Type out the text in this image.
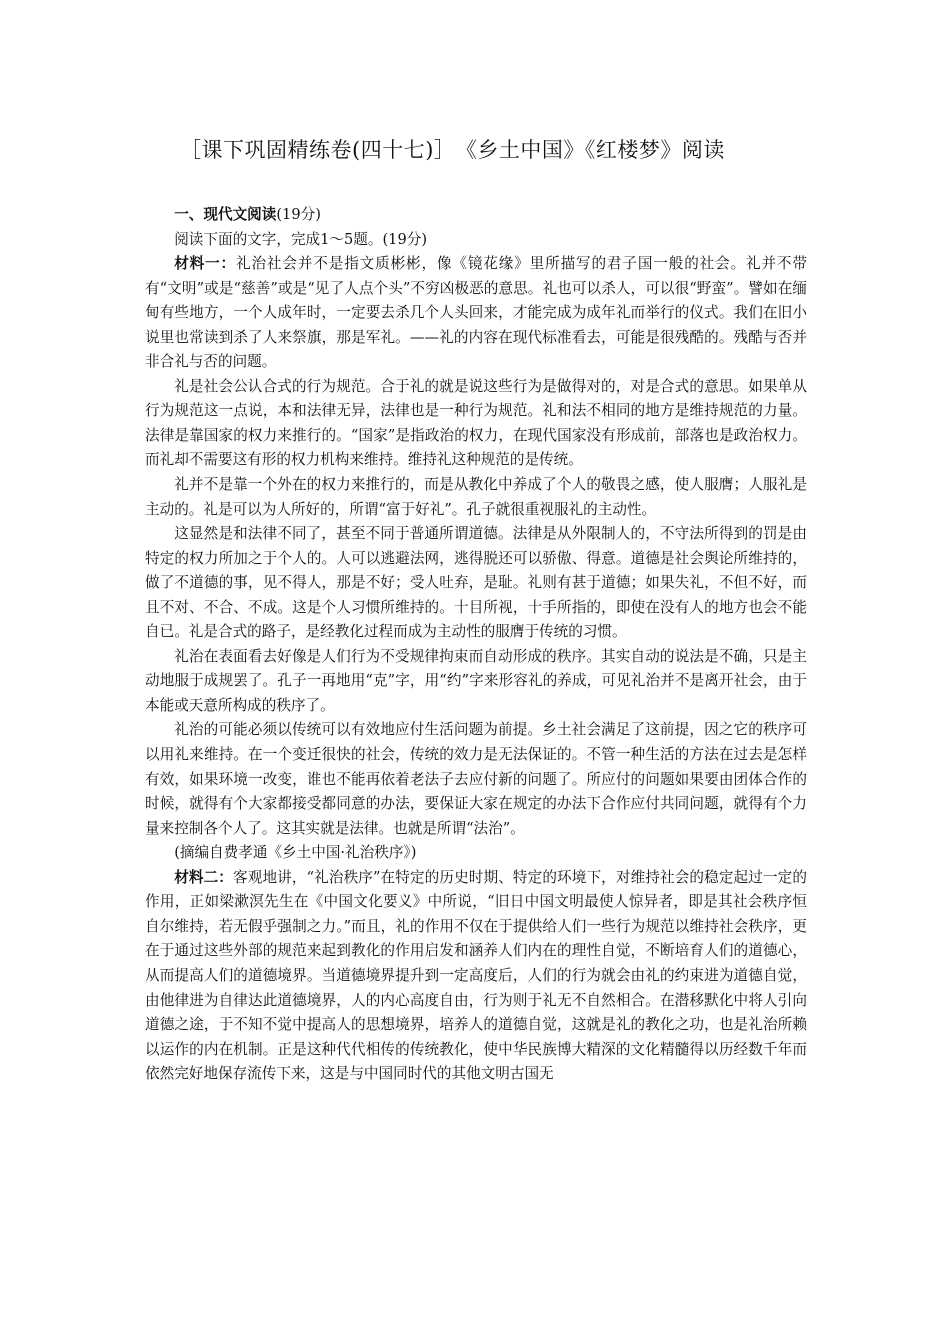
［课下巩固精练卷(四十七)］　《乡土中国》《红楼梦》阅读

一、现代文阅读(19分)

阅读下面的文字，完成1～5题。(19分)

材料一：礼治社会并不是指文质彬彬，像《镜花缘》里所描写的君子国一般的社会。礼并不带有“文明”或是“慈善”或是“见了人点个头”不穷凶极恶的意思。礼也可以杀人，可以很“野蛮”。譬如在缅甸有些地方，一个人成年时，一定要去杀几个人头回来，才能完成为成年礼而举行的仪式。我们在旧小说里也常读到杀了人来祭旗，那是军礼。——礼的内容在现代标准看去，可能是很残酷的。残酷与否并非合礼与否的问题。

礼是社会公认合式的行为规范。合于礼的就是说这些行为是做得对的，对是合式的意思。如果单从行为规范这一点说，本和法律无异，法律也是一种行为规范。礼和法不相同的地方是维持规范的力量。法律是靠国家的权力来推行的。“国家”是指政治的权力，在现代国家没有形成前，部落也是政治权力。而礼却不需要这有形的权力机构来维持。维持礼这种规范的是传统。

礼并不是靠一个外在的权力来推行的，而是从教化中养成了个人的敬畏之感，使人服膺；人服礼是主动的。礼是可以为人所好的，所谓“富于好礼”。孔子就很重视服礼的主动性。

这显然是和法律不同了，甚至不同于普通所谓道德。法律是从外限制人的，不守法所得到的罚是由特定的权力所加之于个人的。人可以逃避法网，逃得脱还可以骄傲、得意。道德是社会舆论所维持的，做了不道德的事，见不得人，那是不好；受人吐弃，是耻。礼则有甚于道德；如果失礼，不但不好，而且不对、不合、不成。这是个人习惯所维持的。十目所视，十手所指的，即使在没有人的地方也会不能自已。礼是合式的路子，是经教化过程而成为主动性的服膺于传统的习惯。

礼治在表面看去好像是人们行为不受规律拘束而自动形成的秩序。其实自动的说法是不确，只是主动地服于成规罢了。孔子一再地用“克”字，用“约”字来形容礼的养成，可见礼治并不是离开社会，由于本能或天意所构成的秩序了。

礼治的可能必须以传统可以有效地应付生活问题为前提。乡土社会满足了这前提，因之它的秩序可以用礼来维持。在一个变迁很快的社会，传统的效力是无法保证的。不管一种生活的方法在过去是怎样有效，如果环境一改变，谁也不能再依着老法子去应付新的问题了。所应付的问题如果要由团体合作的时候，就得有个大家都接受都同意的办法，要保证大家在规定的办法下合作应付共同问题，就得有个力量来控制各个人了。这其实就是法律。也就是所谓“法治”。

(摘编自费孝通《乡土中国·礼治秩序》)

材料二：客观地讲，“礼治秩序”在特定的历史时期、特定的环境下，对维持社会的稳定起过一定的作用，正如梁漱溟先生在《中国文化要义》中所说，“旧日中国文明最使人惊异者，即是其社会秩序恒自尔维持，若无假乎强制之力。”而且，礼的作用不仅在于提供给人们一些行为规范以维持社会秩序，更在于通过这些外部的规范来起到教化的作用启发和涵养人们内在的理性自觉，不断培育人们的道德心，从而提高人们的道德境界。当道德境界提升到一定高度后，人们的行为就会由礼的约束进为道德自觉，由他律进为自律达此道德境界，人的内心高度自由，行为则于礼无不自然相合。在潜移默化中将人引向道德之途，于不知不觉中提高人的思想境界，培养人的道德自觉，这就是礼的教化之功，也是礼治所赖以运作的内在机制。正是这种代代相传的传统教化，使中华民族博大精深的文化精髓得以历经数千年而依然完好地保存流传下来，这是与中国同时代的其他文明古国无
